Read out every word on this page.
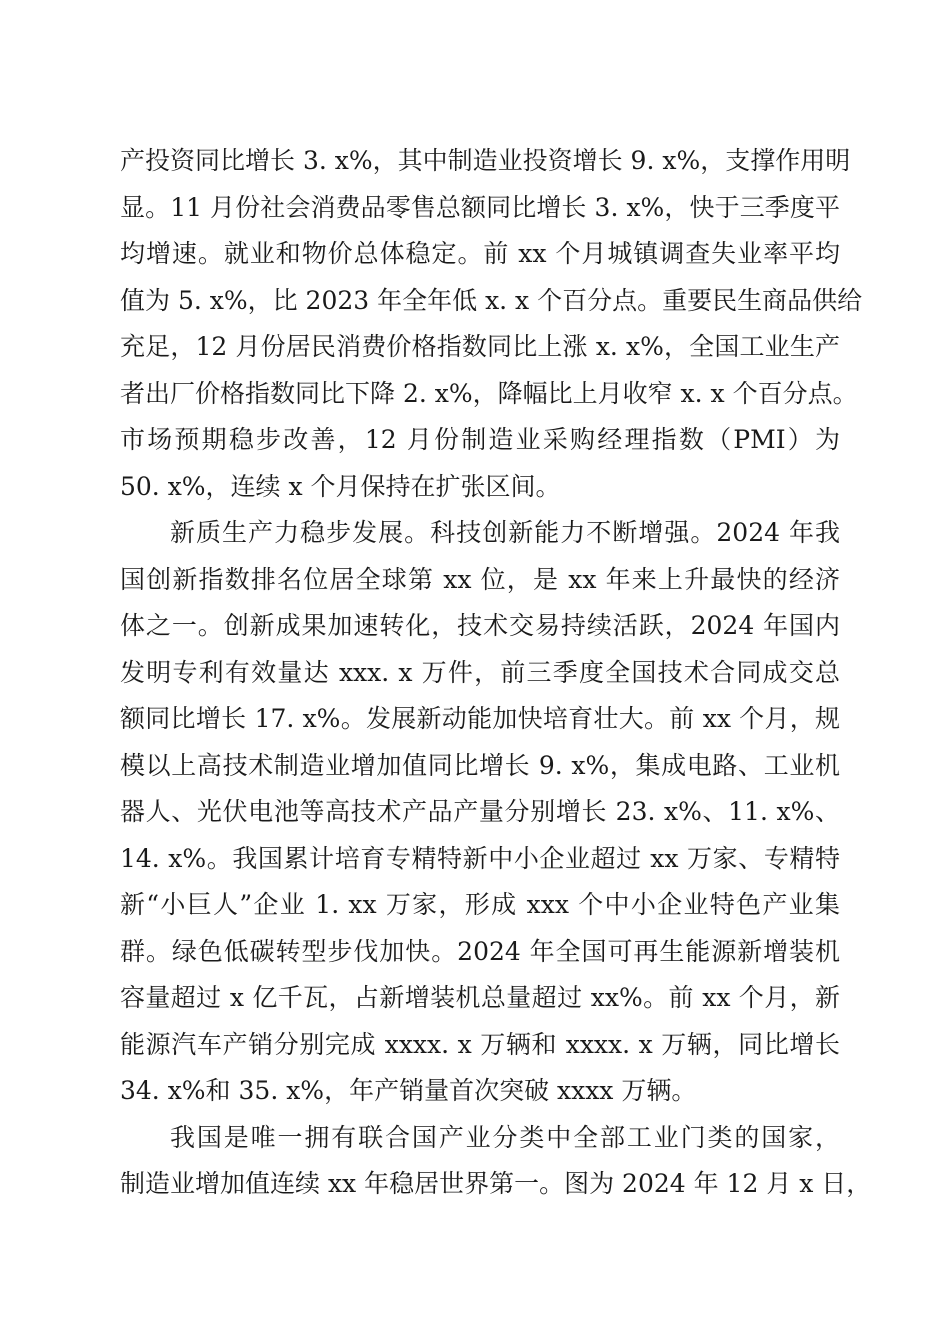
产投资同比增长 3. x%，其中制造业投资增长 9. x%，支撑作用明
显。11 月份社会消费品零售总额同比增长 3. x%，快于三季度平
均增速。就业和物价总体稳定。前 xx 个月城镇调查失业率平均
值为 5. x%，比 2023 年全年低 x. x 个百分点。重要民生商品供给
充足，12 月份居民消费价格指数同比上涨 x. x%，全国工业生产
者出厂价格指数同比下降 2. x%，降幅比上月收窄 x. x 个百分点。
市场预期稳步改善，12 月份制造业采购经理指数（PMI）为
50. x%，连续 x 个月保持在扩张区间。
新质生产力稳步发展。科技创新能力不断增强。2024 年我
国创新指数排名位居全球第 xx 位，是 xx 年来上升最快的经济
体之一。创新成果加速转化，技术交易持续活跃，2024 年国内
发明专利有效量达 xxx. x 万件，前三季度全国技术合同成交总
额同比增长 17. x%。发展新动能加快培育壮大。前 xx 个月，规
模以上高技术制造业增加值同比增长 9. x%，集成电路、工业机
器人、光伏电池等高技术产品产量分别增长 23. x%、11. x%、
14. x%。我国累计培育专精特新中小企业超过 xx 万家、专精特
新“小巨人”企业 1. xx 万家，形成 xxx 个中小企业特色产业集
群。绿色低碳转型步伐加快。2024 年全国可再生能源新增装机
容量超过 x 亿千瓦，占新增装机总量超过 xx%。前 xx 个月，新
能源汽车产销分别完成 xxxx. x 万辆和 xxxx. x 万辆，同比增长
34. x%和 35. x%，年产销量首次突破 xxxx 万辆。
我国是唯一拥有联合国产业分类中全部工业门类的国家，
制造业增加值连续 xx 年稳居世界第一。图为 2024 年 12 月 x 日，
